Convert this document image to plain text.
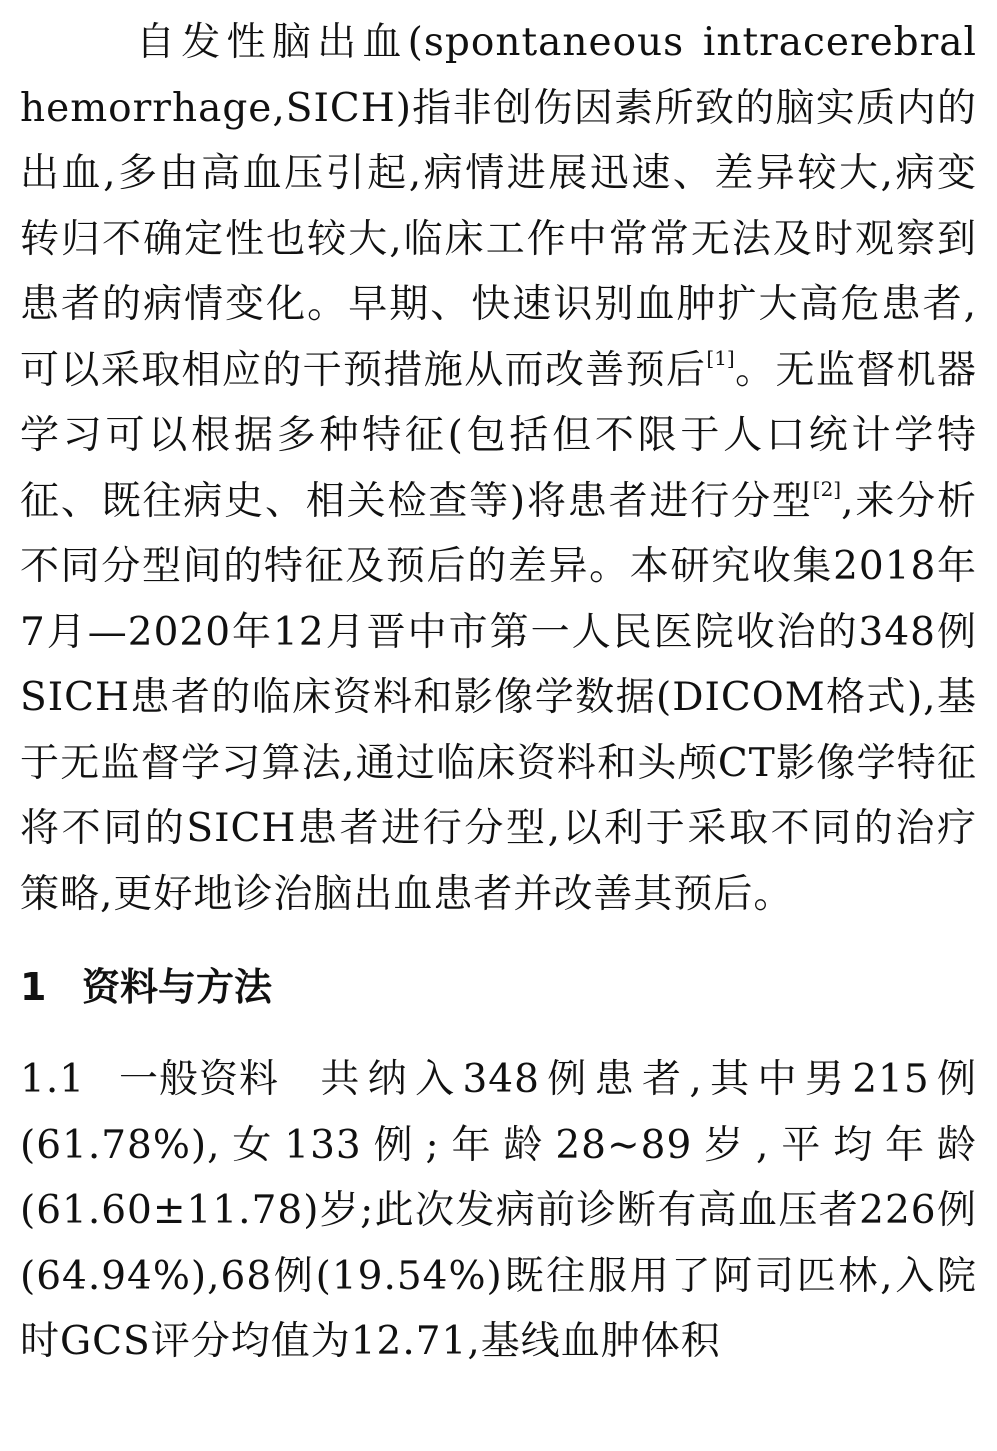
自发性脑出血(spontaneous intracerebral hemorrhage,SICH)指非创伤因素所致的脑实质内的出血,多由高血压引起,病情进展迅速、差异较大,病变转归不确定性也较大,临床工作中常常无法及时观察到患者的病情变化。早期、快速识别血肿扩大高危患者,可以采取相应的干预措施从而改善预后[1]。无监督机器学习可以根据多种特征(包括但不限于人口统计学特征、既往病史、相关检查等)将患者进行分型[2],来分析不同分型间的特征及预后的差异。本研究收集2018年7月—2020年12月晋中市第一人民医院收治的348例SICH患者的临床资料和影像学数据(DICOM格式),基于无监督学习算法,通过临床资料和头颅CT影像学特征将不同的SICH患者进行分型,以利于采取不同的治疗策略,更好地诊治脑出血患者并改善其预后。

1 资料与方法

1.1 一般资料 共纳入348例患者,其中男215例(61.78%),女133例;年龄28~89岁,平均年龄(61.60±11.78)岁;此次发病前诊断有高血压者226例(64.94%),68例(19.54%)既往服用了阿司匹林,入院时GCS评分均值为12.71,基线血肿体积
